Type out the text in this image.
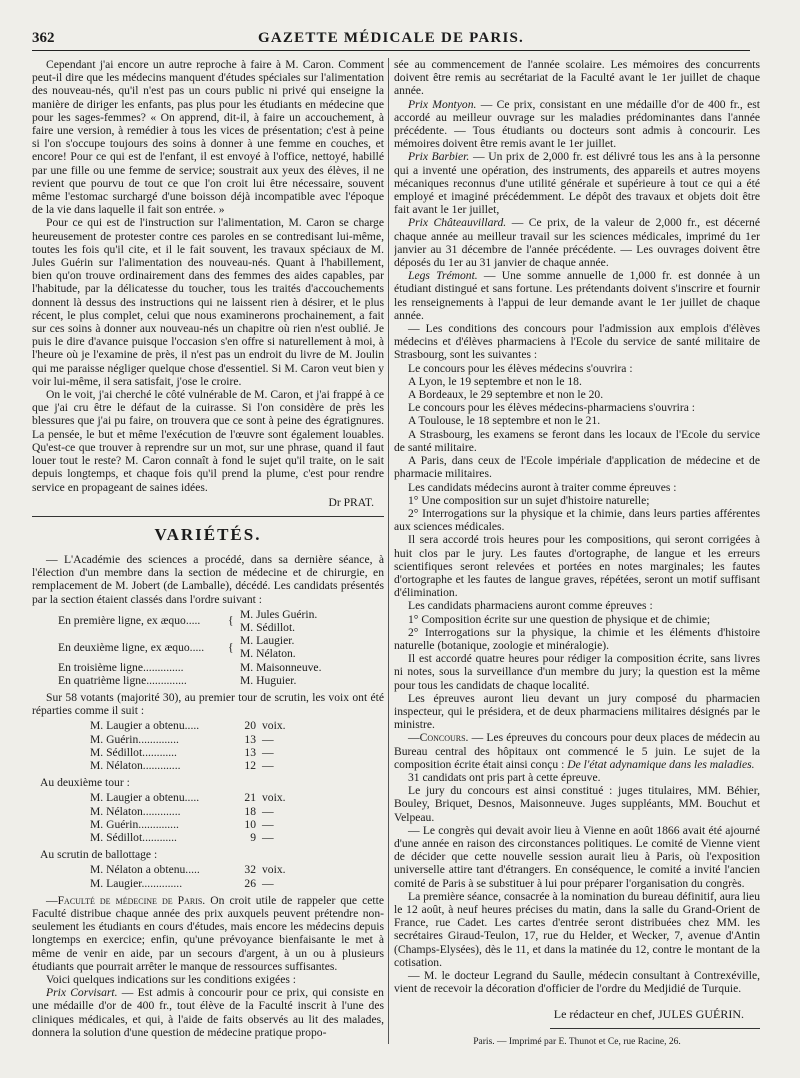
362	GAZETTE MÉDICALE DE PARIS.

Cependant j'ai encore un autre reproche à faire à M. Caron. Comment peut-il dire que les médecins manquent d'études spéciales sur l'alimentation des nouveau-nés, qu'il n'est pas un cours public ni privé qui enseigne la manière de diriger les enfants, pas plus pour les étudiants en médecine que pour les sages-femmes? « On apprend, dit-il, à faire un accouchement, à faire une version, à remédier à tous les vices de présentation; c'est à peine si l'on s'occupe toujours des soins à donner à une femme en couches, et encore! Pour ce qui est de l'enfant, il est envoyé à l'office, nettoyé, habillé par une fille ou une femme de service; soustrait aux yeux des élèves, il ne revient que pourvu de tout ce que l'on croit lui être nécessaire, souvent même l'estomac surchargé d'une boisson déjà incompatible avec l'époque de la vie dans laquelle il fait son entrée. »

Pour ce qui est de l'instruction sur l'alimentation, M. Caron se charge heureusement de protester contre ces paroles en se contredisant lui-même, toutes les fois qu'il cite, et il le fait souvent, les travaux spéciaux de M. Jules Guérin sur l'alimentation des nouveau-nés. Quant à l'habillement, bien qu'on trouve ordinairement dans des femmes des aides capables, par l'habitude, par la délicatesse du toucher, tous les traités d'accouchements donnent là dessus des instructions qui ne laissent rien à désirer, et le plus récent, le plus complet, celui que nous examinerons prochainement, a fait sur ces soins à donner aux nouveau-nés un chapitre où rien n'est oublié. Je puis le dire d'avance puisque l'occasion s'en offre si naturellement à moi, à l'heure où je l'examine de près, il n'est pas un endroit du livre de M. Joulin qui me paraisse négliger quelque chose d'essentiel. Si M. Caron veut bien y voir lui-même, il sera satisfait, j'ose le croire.

On le voit, j'ai cherché le côté vulnérable de M. Caron, et j'ai frappé à ce que j'ai cru être le défaut de la cuirasse. Si l'on considère de près les blessures que j'ai pu faire, on trouvera que ce sont à peine des égratignures. La pensée, le but et même l'exécution de l'œuvre sont également louables. Qu'est-ce que trouver à reprendre sur un mot, sur une phrase, quand il faut louer tout le reste? M. Caron connaît à fond le sujet qu'il traite, on le sait depuis longtemps, et chaque fois qu'il prend la plume, c'est pour rendre service en propageant de saines idées.

Dr PRAT.
VARIÉTÉS.

— L'Académie des sciences a procédé, dans sa dernière séance, à l'élection d'un membre dans la section de médecine et de chirurgie, en remplacement de M. Jobert (de Lamballe), décédé. Les candidats présentés par la section étaient classés dans l'ordre suivant :

En première ligne, ex æquo.....	{	M. Jules Guérin.
M. Sédillot.

En deuxième ligne, ex æquo.....	{	M. Laugier.
M. Nélaton.

En troisième ligne..............		M. Maisonneuve.
En quatrième ligne..............		M. Huguier.

Sur 58 votants (majorité 30), au premier tour de scrutin, les voix ont été réparties comme il suit :

M. Laugier a obtenu.....	20 voix.
M. Guérin..............	13 —
M. Sédillot............	13 —
M. Nélaton.............	12 —
Au deuxième tour :
M. Laugier a obtenu.....	21 voix.
M. Nélaton.............	18 —
M. Guérin..............	10 —
M. Sédillot............	9 —
Au scrutin de ballottage :
M. Nélaton a obtenu.....	32 voix.
M. Laugier..............	26 —

—Faculté de médecine de Paris. On croit utile de rappeler que cette Faculté distribue chaque année des prix auxquels peuvent prétendre non-seulement les étudiants en cours d'études, mais encore les médecins depuis longtemps en exercice; enfin, qu'une prévoyance bienfaisante le met à même de venir en aide, par un secours d'argent, à un ou à plusieurs étudiants que pourrait arrêter le manque de ressources suffisantes.

Voici quelques indications sur les conditions exigées :

Prix Corvisart. — Est admis à concourir pour ce prix, qui consiste en une médaille d'or de 400 fr., tout élève de la Faculté inscrit à l'une des cliniques médicales, et qui, à l'aide de faits observés au lit des malades, donnera la solution d'une question de médecine pratique propo-

sée au commencement de l'année scolaire. Les mémoires des concurrents doivent être remis au secrétariat de la Faculté avant le 1er juillet de chaque année.

Prix Montyon. — Ce prix, consistant en une médaille d'or de 400 fr., est accordé au meilleur ouvrage sur les maladies prédominantes dans l'année précédente. — Tous étudiants ou docteurs sont admis à concourir. Les mémoires doivent être remis avant le 1er juillet.

Prix Barbier. — Un prix de 2,000 fr. est délivré tous les ans à la personne qui a inventé une opération, des instruments, des appareils et autres moyens mécaniques reconnus d'une utilité générale et supérieure à tout ce qui a été employé et imaginé précédemment. Le dépôt des travaux et objets doit être fait avant le 1er juillet,

Prix Châteauvillard. — Ce prix, de la valeur de 2,000 fr., est décerné chaque année au meilleur travail sur les sciences médicales, imprimé du 1er janvier au 31 décembre de l'année précédente. — Les ouvrages doivent être déposés du 1er au 31 janvier de chaque année.

Legs Trémont. — Une somme annuelle de 1,000 fr. est donnée à un étudiant distingué et sans fortune. Les prétendants doivent s'inscrire et fournir les renseignements à l'appui de leur demande avant le 1er juillet de chaque année.

— Les conditions des concours pour l'admission aux emplois d'élèves médecins et d'élèves pharmaciens à l'Ecole du service de santé militaire de Strasbourg, sont les suivantes :

Le concours pour les élèves médecins s'ouvrira :

A Lyon, le 19 septembre et non le 18.
A Bordeaux, le 29 septembre et non le 20.

Le concours pour les élèves médecins-pharmaciens s'ouvrira :

A Toulouse, le 18 septembre et non le 21.

A Strasbourg, les examens se feront dans les locaux de l'Ecole du service de santé militaire.

A Paris, dans ceux de l'Ecole impériale d'application de médecine et de pharmacie militaires.

Les candidats médecins auront à traiter comme épreuves :

1° Une composition sur un sujet d'histoire naturelle;

2° Interrogations sur la physique et la chimie, dans leurs parties afférentes aux sciences médicales.

Il sera accordé trois heures pour les compositions, qui seront corrigées à huit clos par le jury. Les fautes d'ortographe, de langue et les erreurs scientifiques seront relevées et portées en notes marginales; les fautes d'ortographe et les fautes de langue graves, répétées, seront un motif suffisant d'élimination.

Les candidats pharmaciens auront comme épreuves :

1° Composition écrite sur une question de physique et de chimie;

2° Interrogations sur la physique, la chimie et les éléments d'histoire naturelle (botanique, zoologie et minéralogie).

Il est accordé quatre heures pour rédiger la composition écrite, sans livres ni notes, sous la surveillance d'un membre du jury; la question est la même pour tous les candidats de chaque localité.

Les épreuves auront lieu devant un jury composé du pharmacien inspecteur, qui le présidera, et de deux pharmaciens militaires désignés par le ministre.

—Concours. — Les épreuves du concours pour deux places de médecin au Bureau central des hôpitaux ont commencé le 5 juin. Le sujet de la composition écrite était ainsi conçu : De l'état adynamique dans les maladies.

31 candidats ont pris part à cette épreuve.

Le jury du concours est ainsi constitué : juges titulaires, MM. Béhier, Bouley, Briquet, Desnos, Maisonneuve. Juges suppléants, MM. Bouchut et Velpeau.

— Le congrès qui devait avoir lieu à Vienne en août 1866 avait été ajourné d'une année en raison des circonstances politiques. Le comité de Vienne vient de décider que cette nouvelle session aurait lieu à Paris, où l'exposition universelle attire tant d'étrangers. En conséquence, le comité a invité l'ancien comité de Paris à se substituer à lui pour préparer l'organisation du congrès.

La première séance, consacrée à la nomination du bureau définitif, aura lieu le 12 août, à neuf heures précises du matin, dans la salle du Grand-Orient de France, rue Cadet. Les cartes d'entrée seront distribuées chez MM. les secrétaires Giraud-Teulon, 17, rue du Helder, et Wecker, 7, avenue d'Antin (Champs-Elysées), dès le 11, et dans la matinée du 12, contre le montant de la cotisation.

— M. le docteur Legrand du Saulle, médecin consultant à Contrexéville, vient de recevoir la décoration d'officier de l'ordre du Medjidié de Turquie.

Le rédacteur en chef, JULES GUÉRIN.
Paris. — Imprimé par E. Thunot et Ce, rue Racine, 26.
